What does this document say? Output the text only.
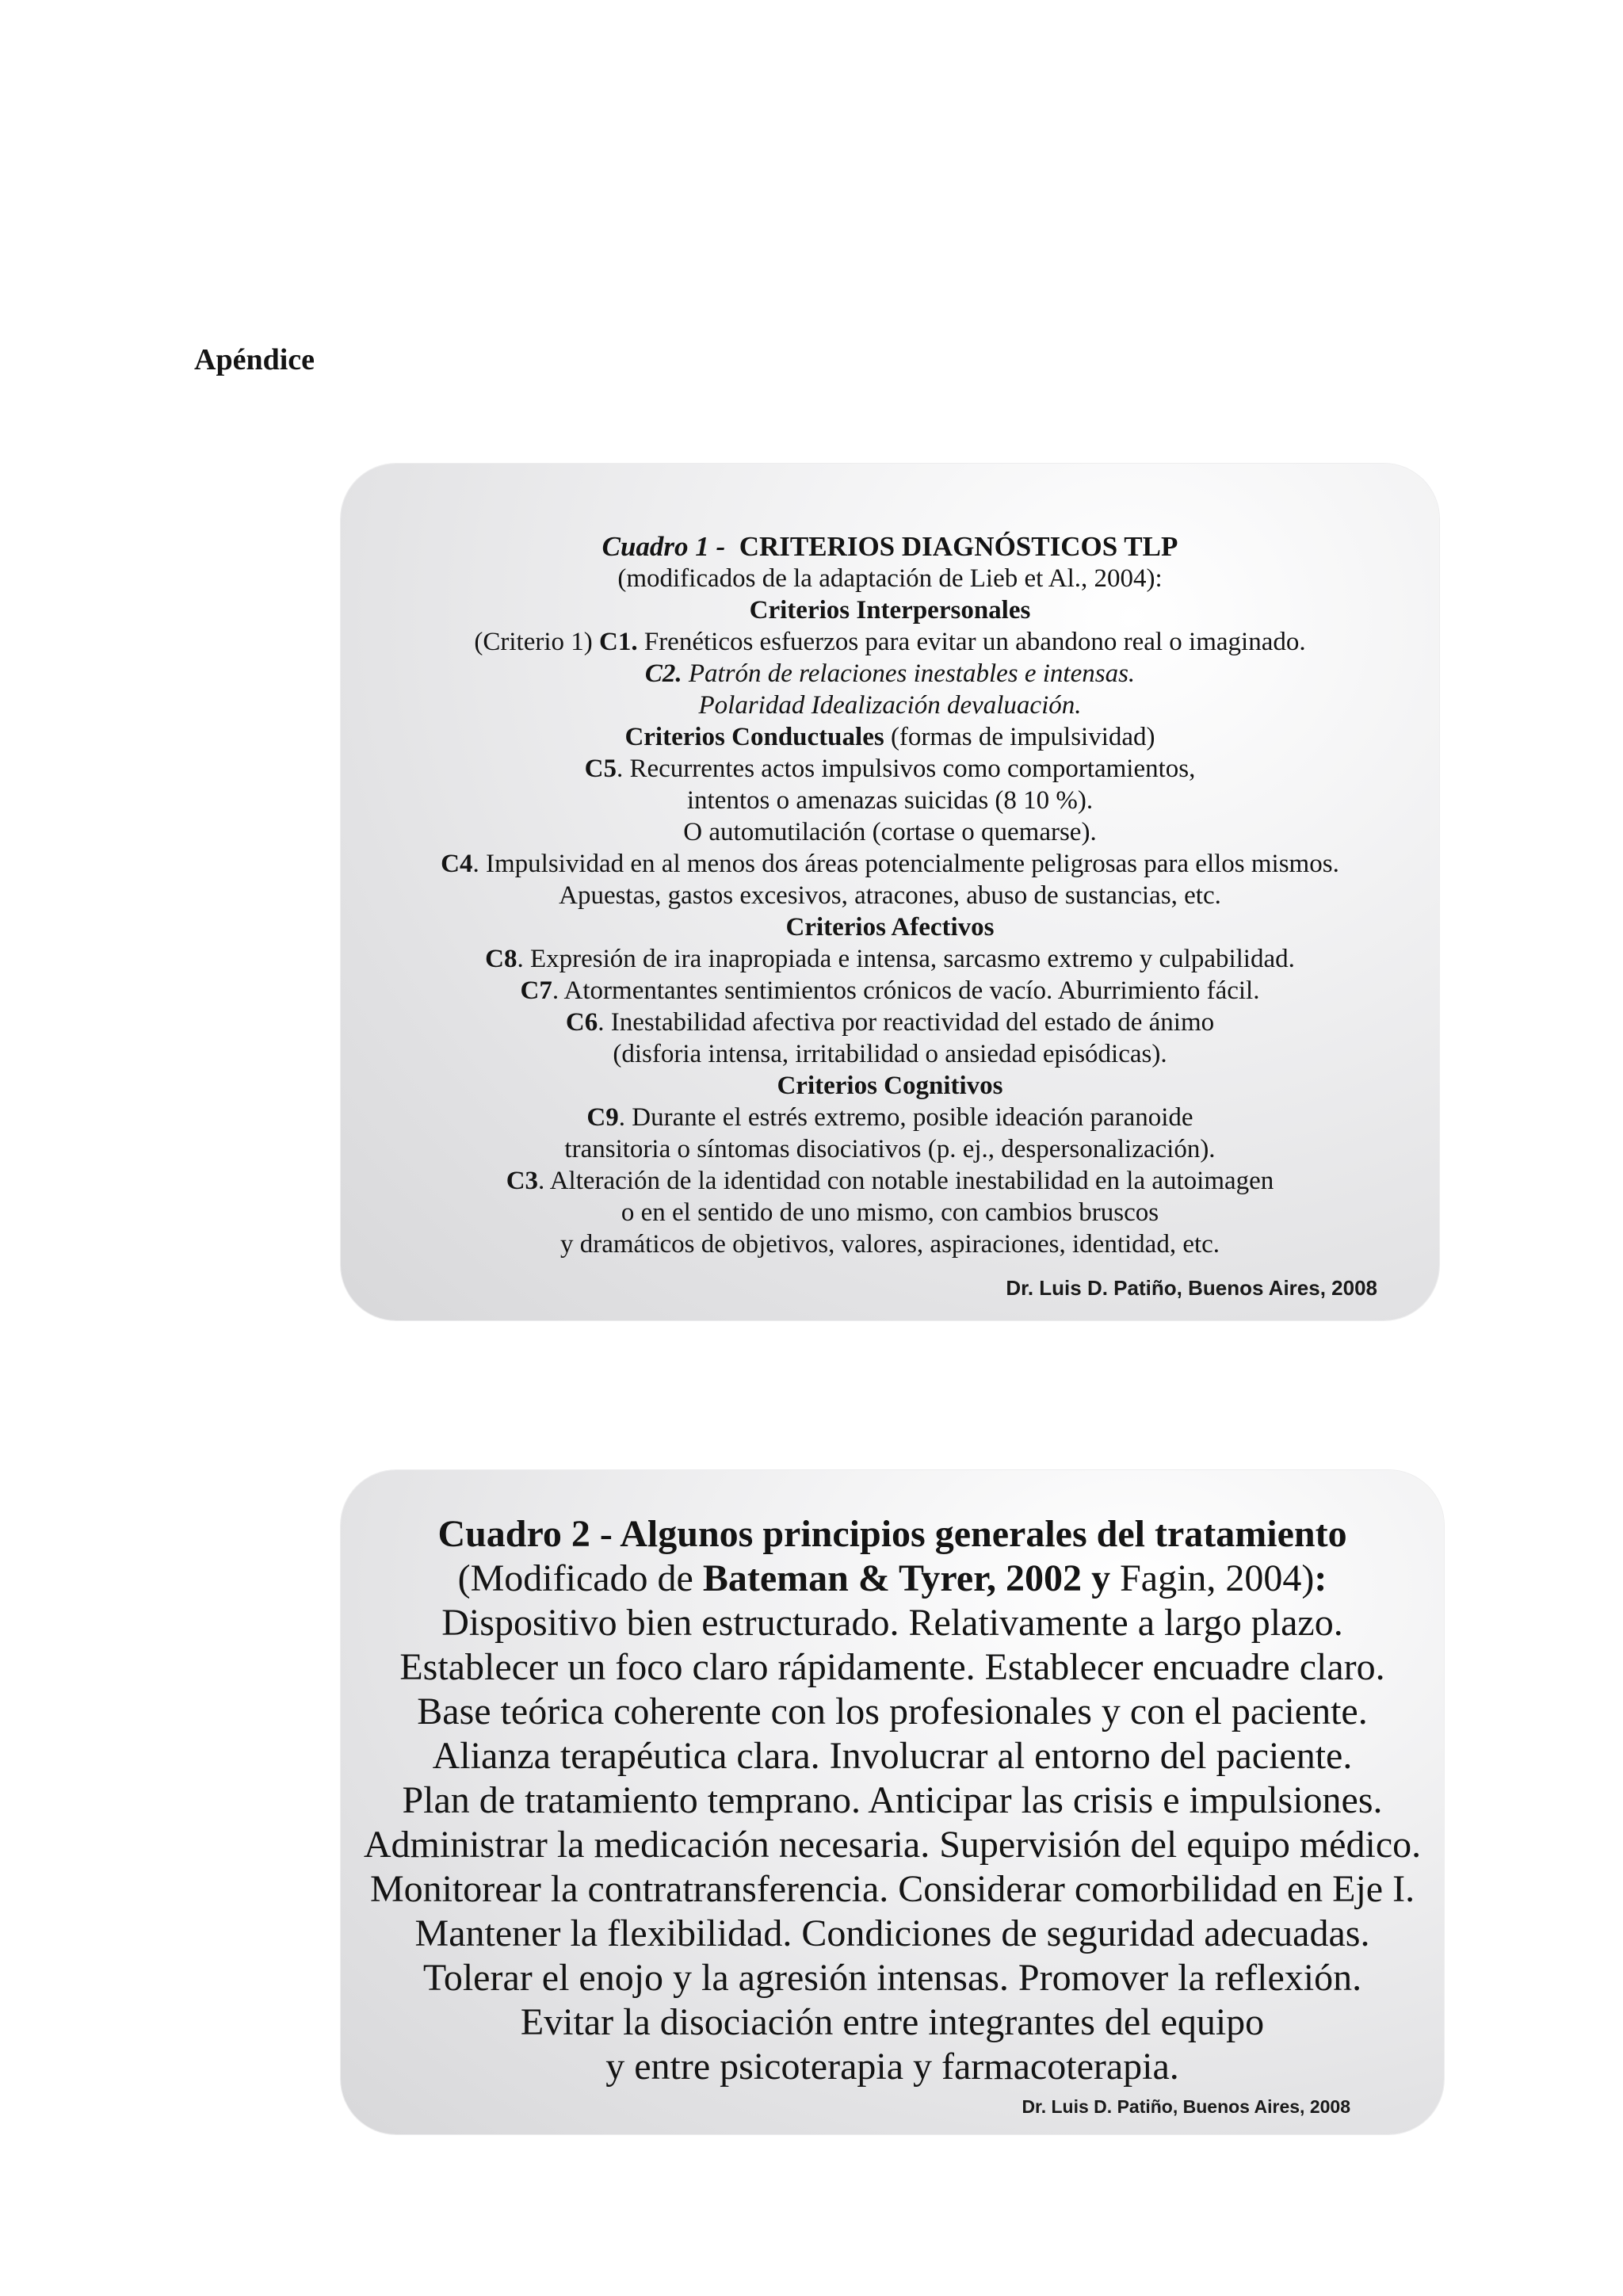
Apéndice
Cuadro 1 - CRITERIOS DIAGNÓSTICOS TLP
(modificados de la adaptación de Lieb et Al., 2004):
Criterios Interpersonales
(Criterio 1) C1. Frenéticos esfuerzos para evitar un abandono real o imaginado.
C2. Patrón de relaciones inestables e intensas.
Polaridad Idealización devaluación.
Criterios Conductuales (formas de impulsividad)
C5. Recurrentes actos impulsivos como comportamientos,
intentos o amenazas suicidas (8 10 %).
O automutilación (cortase o quemarse).
C4. Impulsividad en al menos dos áreas potencialmente peligrosas para ellos mismos.
Apuestas, gastos excesivos, atracones, abuso de sustancias, etc.
Criterios Afectivos
C8. Expresión de ira inapropiada e intensa, sarcasmo extremo y culpabilidad.
C7. Atormentantes sentimientos crónicos de vacío. Aburrimiento fácil.
C6. Inestabilidad afectiva por reactividad del estado de ánimo
(disforia intensa, irritabilidad o ansiedad episódicas).
Criterios Cognitivos
C9. Durante el estrés extremo, posible ideación paranoide
transitoria o síntomas disociativos (p. ej., despersonalización).
C3. Alteración de la identidad con notable inestabilidad en la autoimagen
o en el sentido de uno mismo, con cambios bruscos
y dramáticos de objetivos, valores, aspiraciones, identidad, etc.
Dr. Luis D. Patiño, Buenos Aires, 2008
Cuadro 2 - Algunos principios generales del tratamiento
(Modificado de Bateman & Tyrer, 2002 y Fagin, 2004):
Dispositivo bien estructurado. Relativamente a largo plazo.
Establecer un foco claro rápidamente. Establecer encuadre claro.
Base teórica coherente con los profesionales y con el paciente.
Alianza terapéutica clara. Involucrar al entorno del paciente.
Plan de tratamiento temprano. Anticipar las crisis e impulsiones.
Administrar la medicación necesaria. Supervisión del equipo médico.
Monitorear la contratransferencia. Considerar comorbilidad en Eje I.
Mantener la flexibilidad. Condiciones de seguridad adecuadas.
Tolerar el enojo y la agresión intensas. Promover la reflexión.
Evitar la disociación entre integrantes del equipo
y entre psicoterapia y farmacoterapia.
Dr. Luis D. Patiño, Buenos Aires, 2008
